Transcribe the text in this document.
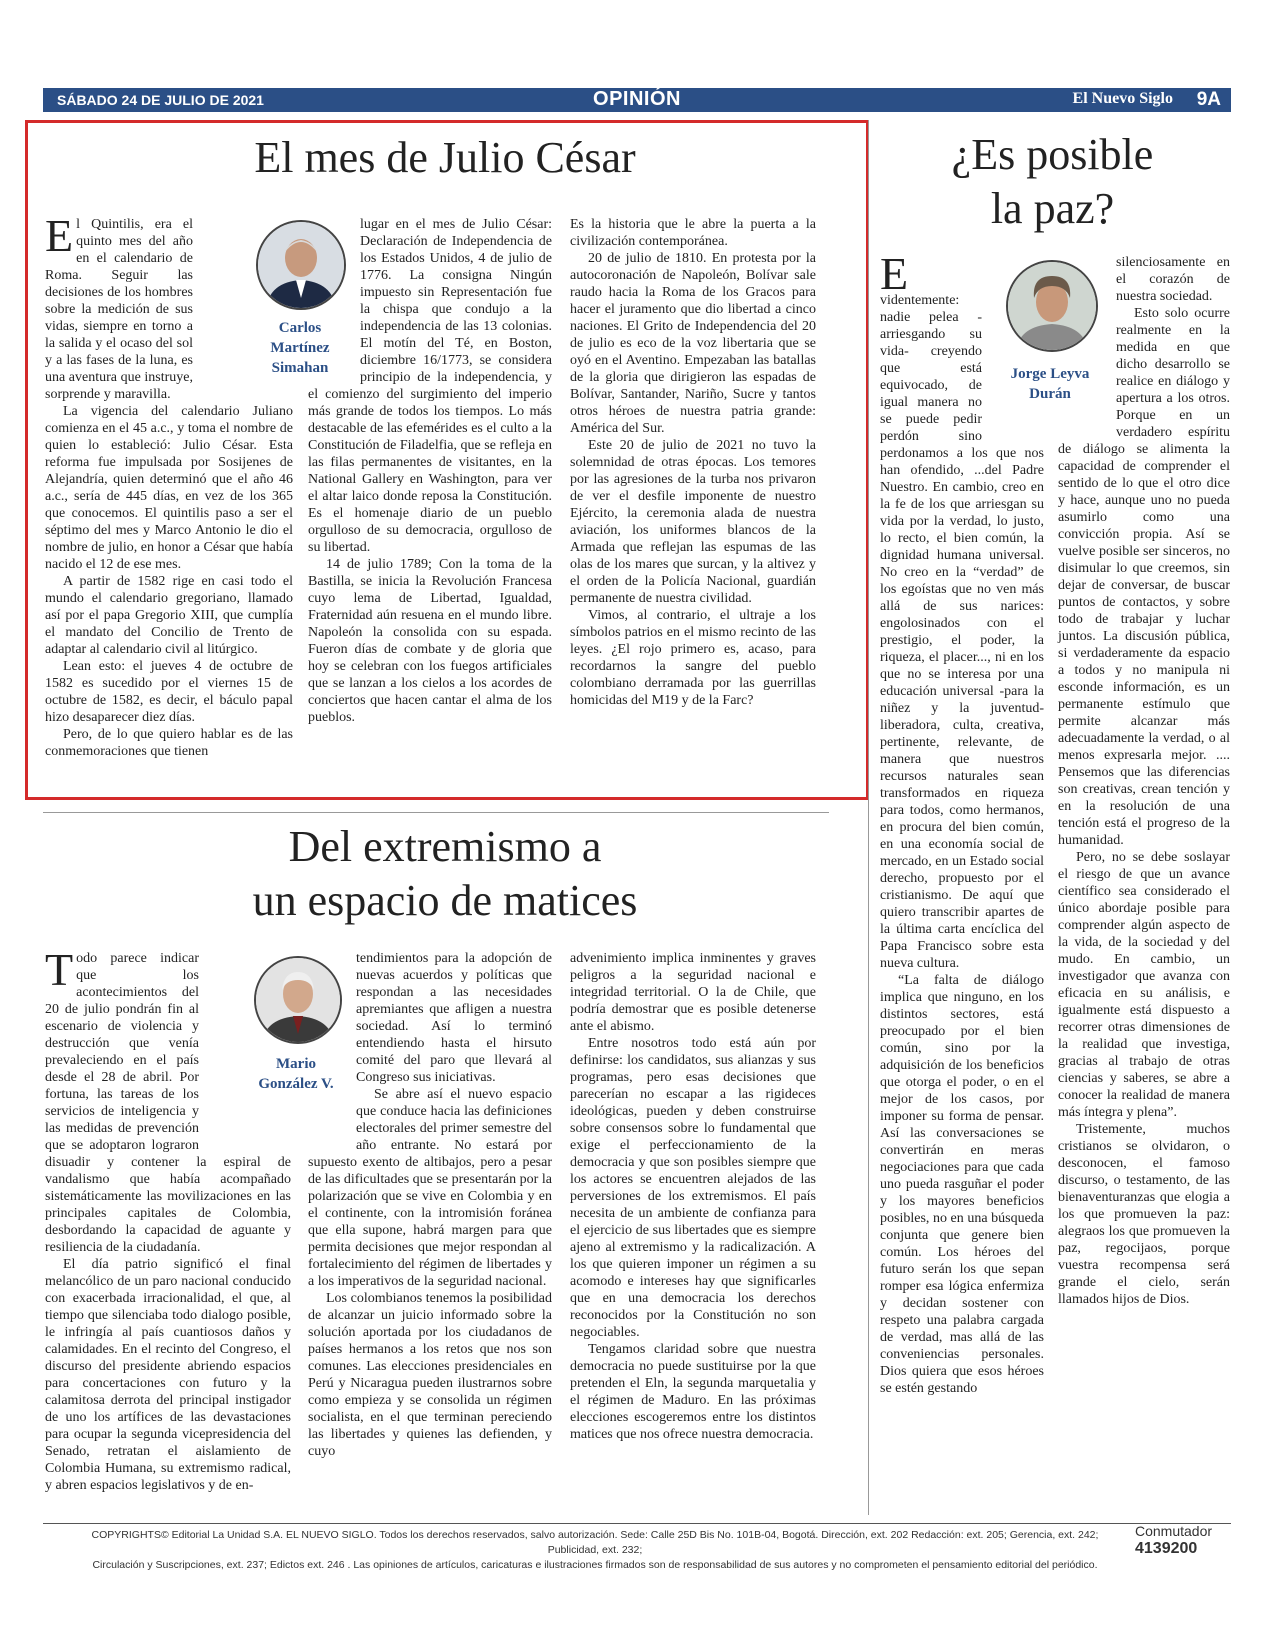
SÁBADO 24 DE JULIO DE 2021	OPINIÓN	El Nuevo Siglo 9A
El mes de Julio César

El Quintilis, era el quinto mes del año en el calendario de Roma. Seguir las decisiones de los hombres sobre la medición de sus vidas, siempre en torno a la salida y el ocaso del sol y a las fases de la luna, es una aventura que instruye, sorprende y maravilla.

La vigencia del calendario Juliano comienza en el 45 a.c., y toma el nombre de quien lo estableció: Julio César. Esta reforma fue impulsada por Sosijenes de Alejandría, quien determinó que el año 46 a.c., sería de 445 días, en vez de los 365 que conocemos. El quintilis paso a ser el séptimo del mes y Marco Antonio le dio el nombre de julio, en honor a César que había nacido el 12 de ese mes.

A partir de 1582 rige en casi todo el mundo el calendario gregoriano, llamado así por el papa Gregorio XIII, que cumplía el mandato del Concilio de Trento de adaptar al calendario civil al litúrgico.

Lean esto: el jueves 4 de octubre de 1582 es sucedido por el viernes 15 de octubre de 1582, es decir, el báculo papal hizo desaparecer diez días.

Pero, de lo que quiero hablar es de las conmemoraciones que tienen

Carlos
Martínez
Simahan

lugar en el mes de Julio César: Declaración de Independencia de los Estados Unidos, 4 de julio de 1776. La consigna Ningún impuesto sin Representación fue la chispa que condujo a la independencia de las 13 colonias. El motín del Té, en Boston, diciembre 16/1773, se considera principio de la independencia, y el comienzo del surgimiento del imperio más grande de todos los tiempos. Lo más destacable de las efemérides es el culto a la Constitución de Filadelfia, que se refleja en las filas permanentes de visitantes, en la National Gallery en Washington, para ver el altar laico donde reposa la Constitución. Es el homenaje diario de un pueblo orgulloso de su democracia, orgulloso de su libertad.

14 de julio 1789; Con la toma de la Bastilla, se inicia la Revolución Francesa cuyo lema de Libertad, Igualdad, Fraternidad aún resuena en el mundo libre. Napoleón la consolida con su espada. Fueron días de combate y de gloria que hoy se celebran con los fuegos artificiales que se lanzan a los cielos a los acordes de conciertos que hacen cantar el alma de los pueblos.

Es la historia que le abre la puerta a la civilización contemporánea.

20 de julio de 1810. En protesta por la autocoronación de Napoleón, Bolívar sale raudo hacia la Roma de los Gracos para hacer el juramento que dio libertad a cinco naciones. El Grito de Independencia del 20 de julio es eco de la voz libertaria que se oyó en el Aventino. Empezaban las batallas de la gloria que dirigieron las espadas de Bolívar, Santander, Nariño, Sucre y tantos otros héroes de nuestra patria grande: América del Sur.

Este 20 de julio de 2021 no tuvo la solemnidad de otras épocas. Los temores por las agresiones de la turba nos privaron de ver el desfile imponente de nuestro Ejército, la ceremonia alada de nuestra aviación, los uniformes blancos de la Armada que reflejan las espumas de las olas de los mares que surcan, y la altivez y el orden de la Policía Nacional, guardián permanente de nuestra civilidad.

Vimos, al contrario, el ultraje a los símbolos patrios en el mismo recinto de las leyes. ¿El rojo primero es, acaso, para recordarnos la sangre del pueblo colombiano derramada por las guerrillas homicidas del M19 y de la Farc?

Del extremismo a
un espacio de matices

Todo parece indicar que los acontecimientos del 20 de julio pondrán fin al escenario de violencia y destrucción que venía prevaleciendo en el país desde el 28 de abril. Por fortuna, las tareas de los servicios de inteligencia y las medidas de prevención que se adoptaron lograron disuadir y contener la espiral de vandalismo que había acompañado sistemáticamente las movilizaciones en las principales capitales de Colombia, desbordando la capacidad de aguante y resiliencia de la ciudadanía.

El día patrio significó el final melancólico de un paro nacional conducido con exacerbada irracionalidad, el que, al tiempo que silenciaba todo dialogo posible, le infringía al país cuantiosos daños y calamidades. En el recinto del Congreso, el discurso del presidente abriendo espacios para concertaciones con futuro y la calamitosa derrota del principal instigador de uno los artífices de las devastaciones para ocupar la segunda vicepresidencia del Senado, retratan el aislamiento de Colombia Humana, su extremismo radical, y abren espacios legislativos y de en-

Mario
González V.

tendimientos para la adopción de nuevas acuerdos y políticas que respondan a las necesidades apremiantes que afligen a nuestra sociedad. Así lo terminó entendiendo hasta el hirsuto comité del paro que llevará al Congreso sus iniciativas.

Se abre así el nuevo espacio que conduce hacia las definiciones electorales del primer semestre del año entrante. No estará por supuesto exento de altibajos, pero a pesar de las dificultades que se presentarán por la polarización que se vive en Colombia y en el continente, con la intromisión foránea que ella supone, habrá margen para que permita decisiones que mejor respondan al fortalecimiento del régimen de libertades y a los imperativos de la seguridad nacional.

Los colombianos tenemos la posibilidad de alcanzar un juicio informado sobre la solución aportada por los ciudadanos de países hermanos a los retos que nos son comunes. Las elecciones presidenciales en Perú y Nicaragua pueden ilustrarnos sobre como empieza y se consolida un régimen socialista, en el que terminan pereciendo las libertades y quienes las defienden, y cuyo

advenimiento implica inminentes y graves peligros a la seguridad nacional e integridad territorial. O la de Chile, que podría demostrar que es posible detenerse ante el abismo.

Entre nosotros todo está aún por definirse: los candidatos, sus alianzas y sus programas, pero esas decisiones que parecerían no escapar a las rigideces ideológicas, pueden y deben construirse sobre consensos sobre lo fundamental que exige el perfeccionamiento de la democracia y que son posibles siempre que los actores se encuentren alejados de las perversiones de los extremismos. El país necesita de un ambiente de confianza para el ejercicio de sus libertades que es siempre ajeno al extremismo y la radicalización. A los que quieren imponer un régimen a su acomodo e intereses hay que significarles que en una democracia los derechos reconocidos por la Constitución no son negociables.

Tengamos claridad sobre que nuestra democracia no puede sustituirse por la que pretenden el Eln, la segunda marquetalia y el régimen de Maduro. En las próximas elecciones escogeremos entre los distintos matices que nos ofrece nuestra democracia.

¿Es posible
la paz?

E
videntemente: nadie pelea -arriesgando su vida- creyendo que está equivocado, de igual manera no se puede pedir perdón sino perdonamos a los que nos han ofendido, ...del Padre Nuestro. En cambio, creo en la fe de los que arriesgan su vida por la verdad, lo justo, lo recto, el bien común, la dignidad humana universal. No creo en la “verdad” de los egoístas que no ven más allá de sus narices: engolosinados con el prestigio, el poder, la riqueza, el placer..., ni en los que no se interesa por una educación universal -para la niñez y la juventud- liberadora, culta, creativa, pertinente, relevante, de manera que nuestros recursos naturales sean transformados en riqueza para todos, como hermanos, en procura del bien común, en una economía social de mercado, en un Estado social derecho, propuesto por el cristianismo. De aquí que quiero transcribir apartes de la última carta encíclica del Papa Francisco sobre esta nueva cultura.

“La falta de diálogo implica que ninguno, en los distintos sectores, está preocupado por el bien común, sino por la adquisición de los beneficios que otorga el poder, o en el mejor de los casos, por imponer su forma de pensar. Así las conversaciones se convertirán en meras negociaciones para que cada uno pueda rasguñar el poder y los mayores beneficios posibles, no en una búsqueda conjunta que genere bien común. Los héroes del futuro serán los que sepan romper esa lógica enfermiza y decidan sostener con respeto una palabra cargada de verdad, mas allá de las conveniencias personales. Dios quiera que esos héroes se estén gestando

Jorge Leyva
Durán

silenciosamente en el corazón de nuestra sociedad.

Esto solo ocurre realmente en la medida en que dicho desarrollo se realice en diálogo y apertura a los otros. Porque en un verdadero espíritu de diálogo se alimenta la capacidad de comprender el sentido de lo que el otro dice y hace, aunque uno no pueda asumirlo como una convicción propia. Así se vuelve posible ser sinceros, no disimular lo que creemos, sin dejar de conversar, de buscar puntos de contactos, y sobre todo de trabajar y luchar juntos. La discusión pública, si verdaderamente da espacio a todos y no manipula ni esconde información, es un permanente estímulo que permite alcanzar más adecuadamente la verdad, o al menos expresarla mejor. .... Pensemos que las diferencias son creativas, crean tención y en la resolución de una tención está el progreso de la humanidad.

Pero, no se debe soslayar el riesgo de que un avance científico sea considerado el único abordaje posible para comprender algún aspecto de la vida, de la sociedad y del mudo. En cambio, un investigador que avanza con eficacia en su análisis, e igualmente está dispuesto a recorrer otras dimensiones de la realidad que investiga, gracias al trabajo de otras ciencias y saberes, se abre a conocer la realidad de manera más íntegra y plena”.

Tristemente, muchos cristianos se olvidaron, o desconocen, el famoso discurso, o testamento, de las bienaventuranzas que elogia a los que promueven la paz: alegraos los que promueven la paz, regocijaos, porque vuestra recompensa será grande el cielo, serán llamados hijos de Dios.

COPYRIGHTS© Editorial La Unidad S.A. EL NUEVO SIGLO. Todos los derechos reservados, salvo autorización. Sede: Calle 25D Bis No. 101B-04, Bogotá. Dirección, ext. 202 Redacción: ext. 205; Gerencia, ext. 242; Publicidad, ext. 232;
Circulación y Suscripciones, ext. 237; Edictos ext. 246 . Las opiniones de artículos, caricaturas e ilustraciones firmados son de responsabilidad de sus autores y no comprometen el pensamiento editorial del periódico.
Conmutador
4139200
